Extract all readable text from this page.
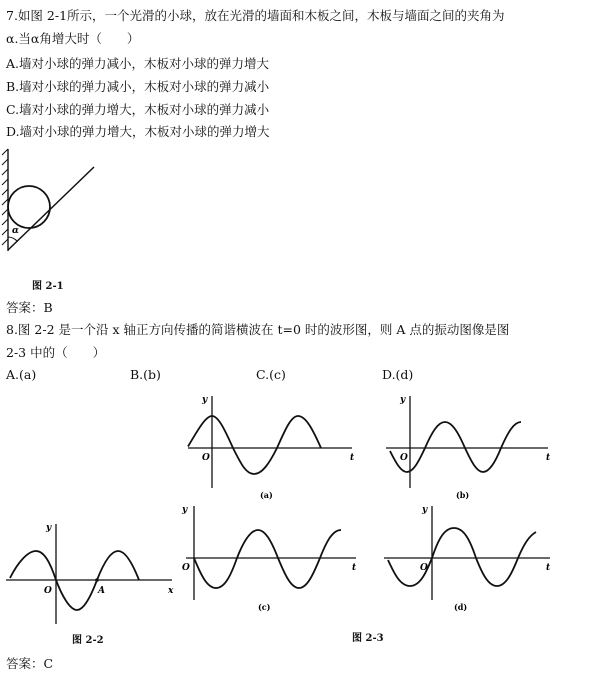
7.如图 2-1所示，一个光滑的小球，放在光滑的墙面和木板之间，木板与墙面之间的夹角为
α.当α角增大时（　　）
A.墙对小球的弹力减小，木板对小球的弹力增大
B.墙对小球的弹力减小，木板对小球的弹力减小
C.墙对小球的弹力增大，木板对小球的弹力减小
D.墙对小球的弹力增大，木板对小球的弹力增大
α
图 2-1
答案：B
8.图 2-2 是一个沿 x 轴正方向传播的简谐横波在 t=0 时的波形图，则 A 点的振动图像是图
2-3 中的（　　）
A.(a)	B.(b)	C.(c)	D.(d)
y
O	t
(a)
y
O	t
(b)
y
O	A	x
图 2-2
y
O	t
(c)
y
O	t
(d)
图 2-3
答案：C
